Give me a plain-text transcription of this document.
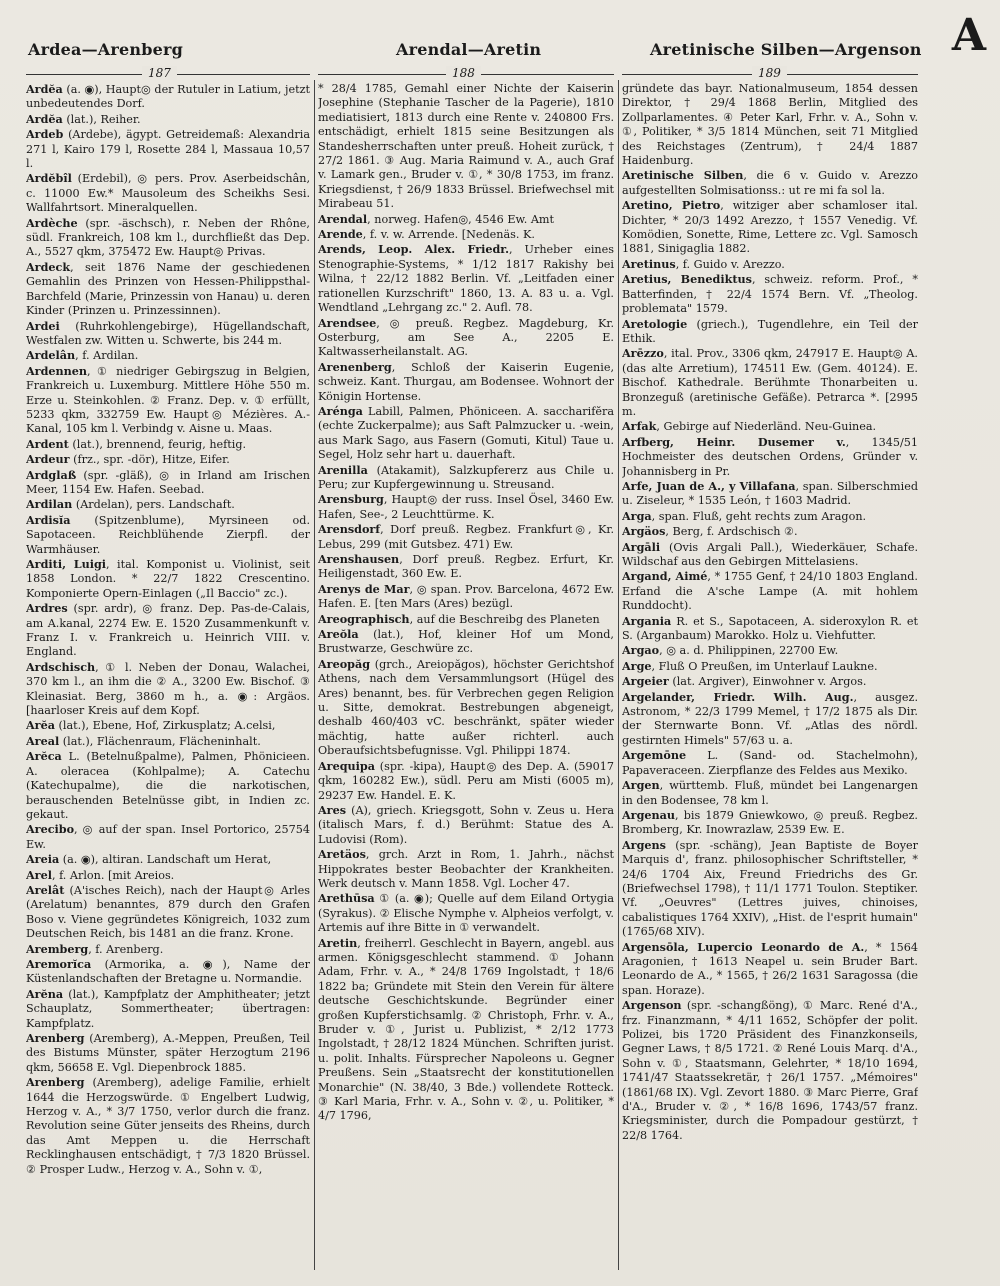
Ardea—Arenberg	Arendal—Aretin	Aretinische Silben—Argenson A
187	188	189
Ardĕa (a. ◉), Haupt◎ der Rutuler in Latium, jetzt unbedeutendes Dorf.
Ardĕa (lat.), Reiher.
Ardeb (Ardebe), ägypt. Getreidemaß: Alexandria 271 l, Kairo 179 l, Rosette 284 l, Massaua 10,57 l.
Ardĕbîl (Erdebil), ◎ pers. Prov. Aserbeidschân, c. 11000 Ew.* Mausoleum des Scheikhs Sesi. Wallfahrtsort. Mineralquellen.
Ardèche (spr. -äschsch), r. Neben der Rhône, südl. Frankreich, 108 km l., durchfließt das Dep. A., 5527 qkm, 375472 Ew. Haupt◎ Privas.
Ardeck, seit 1876 Name der geschiedenen Gemahlin des Prinzen von Hessen-Philippsthal-Barchfeld (Marie, Prinzessin von Hanau) u. deren Kinder (Prinzen u. Prinzessinnen).
Ardei (Ruhrkohlengebirge), Hügellandschaft, Westfalen zw. Witten u. Schwerte, bis 244 m.
Ardelân, f. Ardilan.
Ardennen, ① niedriger Gebirgszug in Belgien, Frankreich u. Luxemburg. Mittlere Höhe 550 m. Erze u. Steinkohlen. ② Franz. Dep. v. ① erfüllt, 5233 qkm, 332759 Ew. Haupt◎ Mézières. A.-Kanal, 105 km l. Verbindg v. Aisne u. Maas.
Ardent (lat.), brennend, feurig, heftig.
Ardeur (frz., spr. -dör), Hitze, Eifer.
Ardglaß (spr. -gläß), ◎ in Irland am Irischen Meer, 1154 Ew. Hafen. Seebad.
Ardilan (Ardelan), pers. Landschaft.
Ardisĭa (Spitzenblume), Myrsineen od. Sapotaceen. Reichblühende Zierpfl. der Warmhäuser.
Arditi, Luigi, ital. Komponist u. Violinist, seit 1858 London. * 22/7 1822 Crescentino. Komponierte Opern-Einlagen („Il Baccio" zc.).
Ardres (spr. ardr), ◎ franz. Dep. Pas-de-Calais, am A.kanal, 2274 Ew. E. 1520 Zusammenkunft v. Franz I. v. Frankreich u. Heinrich VIII. v. England.
Ardschisch, ① l. Neben der Donau, Walachei, 370 km l., an ihm die ② A., 3200 Ew. Bischof. ③ Kleinasiat. Berg, 3860 m h., a. ◉: Argäos. [haarloser Kreis auf dem Kopf.
Arĕa (lat.), Ebene, Hof, Zirkusplatz; A.celsi,
Areal (lat.), Flächenraum, Flächeninhalt.
Arĕca L. (Betelnußpalme), Palmen, Phönicieen. A. oleracea (Kohlpalme); A. Catechu (Katechupalme), die die narkotischen, berauschenden Betelnüsse gibt, in Indien zc. gekaut.
Arecibo, ◎ auf der span. Insel Portorico, 25754 Ew.
Areia (a. ◉), altiran. Landschaft um Herat,
Arel, f. Arlon. [mit Areios.
Arelât (A'isches Reich), nach der Haupt◎ Arles (Arelatum) benanntes, 879 durch den Grafen Boso v. Viene gegründetes Königreich, 1032 zum Deutschen Reich, bis 1481 an die franz. Krone.
Aremberg, f. Arenberg.
Aremorĭca (Armorika, a. ◉), Name der Küstenlandschaften der Bretagne u. Normandie.
Arĕna (lat.), Kampfplatz der Amphitheater; jetzt Schauplatz, Sommertheater; übertragen: Kampfplatz.
Arenberg (Aremberg), A.-Meppen, Preußen, Teil des Bistums Münster, später Herzogtum 2196 qkm, 56658 E. Vgl. Diepenbrock 1885.
Arenberg (Aremberg), adelige Familie, erhielt 1644 die Herzogswürde. ① Engelbert Ludwig, Herzog v. A., * 3/7 1750, verlor durch die franz. Revolution seine Güter jenseits des Rheins, durch das Amt Meppen u. die Herrschaft Recklinghausen entschädigt, † 7/3 1820 Brüssel. ② Prosper Ludw., Herzog v. A., Sohn v. ①,
* 28/4 1785, Gemahl einer Nichte der Kaiserin Josephine (Stephanie Tascher de la Pagerie), 1810 mediatisiert, 1813 durch eine Rente v. 240800 Frs. entschädigt, erhielt 1815 seine Besitzungen als Standesherrschaften unter preuß. Hoheit zurück, † 27/2 1861. ③ Aug. Maria Raimund v. A., auch Graf v. Lamark gen., Bruder v. ①, * 30/8 1753, im franz. Kriegsdienst, † 26/9 1833 Brüssel. Briefwechsel mit Mirabeau 51.
Arendal, norweg. Hafen◎, 4546 Ew. Amt
Arende, f. v. w. Arrende. [Nedenäs. K.
Arends, Leop. Alex. Friedr., Urheber eines Stenographie-Systems, * 1/12 1817 Rakishy bei Wilna, † 22/12 1882 Berlin. Vf. „Leitfaden einer rationellen Kurzschrift" 1860, 13. A. 83 u. a. Vgl. Wendtland „Lehrgang zc." 2. Aufl. 78.
Arendsee, ◎ preuß. Regbez. Magdeburg, Kr. Osterburg, am See A., 2205 E. Kaltwasserheilanstalt. AG.
Arenenberg, Schloß der Kaiserin Eugenie, schweiz. Kant. Thurgau, am Bodensee. Wohnort der Königin Hortense.
Arénga Labill, Palmen, Phöniceen. A. saccharifĕra (echte Zuckerpalme); aus Saft Palmzucker u. -wein, aus Mark Sago, aus Fasern (Gomuti, Kitul) Taue u. Segel, Holz sehr hart u. dauerhaft.
Arenilla (Atakamit), Salzkupfererz aus Chile u. Peru; zur Kupfergewinnung u. Streusand.
Arensburg, Haupt◎ der russ. Insel Ösel, 3460 Ew. Hafen, See-, 2 Leuchttürme. K.
Arensdorf, Dorf preuß. Regbez. Frankfurt◎, Kr. Lebus, 299 (mit Gutsbez. 471) Ew.
Arenshausen, Dorf preuß. Regbez. Erfurt, Kr. Heiligenstadt, 360 Ew. E.
Arenys de Mar, ◎ span. Prov. Barcelona, 4672 Ew. Hafen. E. [ten Mars (Ares) bezügl.
Areographisch, auf die Beschreibg des Planeten
Areŏla (lat.), Hof, kleiner Hof um Mond, Brustwarze, Geschwüre zc.
Areopăg (grch., Areiopăgos), höchster Gerichtshof Athens, nach dem Versammlungsort (Hügel des Ares) benannt, bes. für Verbrechen gegen Religion u. Sitte, demokrat. Bestrebungen abgeneigt, deshalb 460/403 vC. beschränkt, später wieder mächtig, hatte außer richterl. auch Oberaufsichtsbefugnisse. Vgl. Philippi 1874.
Arequipa (spr. -kipa), Haupt◎ des Dep. A. (59017 qkm, 160282 Ew.), südl. Peru am Misti (6005 m), 29237 Ew. Handel. E. K.
Ares (A), griech. Kriegsgott, Sohn v. Zeus u. Hera (italisch Mars, f. d.) Berühmt: Statue des A. Ludovisi (Rom).
Aretäos, grch. Arzt in Rom, 1. Jahrh., nächst Hippokrates bester Beobachter der Krankheiten. Werk deutsch v. Mann 1858. Vgl. Locher 47.
Arethūsa ① (a. ◉); Quelle auf dem Eiland Ortygia (Syrakus). ② Elische Nymphe v. Alpheios verfolgt, v. Artemis auf ihre Bitte in ① verwandelt.
Aretin, freiherrl. Geschlecht in Bayern, angebl. aus armen. Königsgeschlecht stammend. ① Johann Adam, Frhr. v. A., * 24/8 1769 Ingolstadt, † 18/6 1822 ba; Gründete mit Stein den Verein für ältere deutsche Geschichtskunde. Begründer einer großen Kupferstichsamlg. ② Christoph, Frhr. v. A., Bruder v. ①, Jurist u. Publizist, * 2/12 1773 Ingolstadt, † 28/12 1824 München. Schriften jurist. u. polit. Inhalts. Fürsprecher Napoleons u. Gegner Preußens. Sein „Staatsrecht der konstitutionellen Monarchie" (N. 38/40, 3 Bde.) vollendete Rotteck. ③ Karl Maria, Frhr. v. A., Sohn v. ②, u. Politiker, * 4/7 1796,
gründete das bayr. Nationalmuseum, 1854 dessen Direktor, † 29/4 1868 Berlin, Mitglied des Zollparlamentes. ④ Peter Karl, Frhr. v. A., Sohn v. ①, Politiker, * 3/5 1814 München, seit 71 Mitglied des Reichstages (Zentrum), † 24/4 1887 Haidenburg.
Aretinische Silben, die 6 v. Guido v. Arezzo aufgestellten Solmisationss.: ut re mi fa sol la.
Aretino, Pietro, witziger aber schamloser ital. Dichter, * 20/3 1492 Arezzo, † 1557 Venedig. Vf. Komödien, Sonette, Rime, Lettere zc. Vgl. Samosch 1881, Sinigaglia 1882.
Aretinus, f. Guido v. Arezzo.
Aretius, Benediktus, schweiz. reform. Prof., * Batterfinden, † 22/4 1574 Bern. Vf. „Theolog. problemata" 1579.
Aretologie (griech.), Tugendlehre, ein Teil der Ethik.
Arēzzo, ital. Prov., 3306 qkm, 247917 E. Haupt◎ A. (das alte Arretium), 174511 Ew. (Gem. 40124). E. Bischof. Kathedrale. Berühmte Thonarbeiten u. Bronzeguß (aretinische Gefäße). Petrarca *. [2995 m.
Arfak, Gebirge auf Niederländ. Neu-Guinea.
Arfberg, Heinr. Dusemer v., 1345/51 Hochmeister des deutschen Ordens, Gründer v. Johannisberg in Pr.
Arfe, Juan de A., y Villafana, span. Silberschmied u. Ziseleur, * 1535 León, † 1603 Madrid.
Arga, span. Fluß, geht rechts zum Aragon.
Argäos, Berg, f. Ardschisch ②.
Argāli (Ovis Argali Pall.), Wiederkäuer, Schafe. Wildschaf aus den Gebirgen Mittelasiens.
Argand, Aimé, * 1755 Genf, † 24/10 1803 England. Erfand die A'sche Lampe (A. mit hohlem Runddocht).
Argania R. et S., Sapotaceen, A. sideroxylon R. et S. (Arganbaum) Marokko. Holz u. Viehfutter.
Argao, ◎ a. d. Philippinen, 22700 Ew.
Arge, Fluß O Preußen, im Unterlauf Laukne.
Argeier (lat. Argiver), Einwohner v. Argos.
Argelander, Friedr. Wilh. Aug., ausgez. Astronom, * 22/3 1799 Memel, † 17/2 1875 als Dir. der Sternwarte Bonn. Vf. „Atlas des nördl. gestirnten Himels" 57/63 u. a.
Argemōne L. (Sand- od. Stachelmohn), Papaveraceen. Zierpflanze des Feldes aus Mexiko.
Argen, württemb. Fluß, mündet bei Langenargen in den Bodensee, 78 km l.
Argenau, bis 1879 Gniewkowo, ◎ preuß. Regbez. Bromberg, Kr. Inowrazlaw, 2539 Ew. E.
Argens (spr. -schäng), Jean Baptiste de Boyer Marquis d', franz. philosophischer Schriftsteller, * 24/6 1704 Aix, Freund Friedrichs des Gr. (Briefwechsel 1798), † 11/1 1771 Toulon. Steptiker. Vf. „Oeuvres" (Lettres juives, chinoises, cabalistiques 1764 XXIV), „Hist. de l'esprit humain" (1765/68 XIV).
Argensōla, Lupercio Leonardo de A., * 1564 Aragonien, † 1613 Neapel u. sein Bruder Bart. Leonardo de A., * 1565, † 26/2 1631 Saragossa (die span. Horaze).
Argenson (spr. -schangßöng), ① Marc. René d'A., frz. Finanzmann, * 4/11 1652, Schöpfer der polit. Polizei, bis 1720 Präsident des Finanzkonseils, Gegner Laws, † 8/5 1721. ② René Louis Marq. d'A., Sohn v. ①, Staatsmann, Gelehrter, * 18/10 1694, 1741/47 Staatssekretär, † 26/1 1757. „Mémoires" (1861/68 IX). Vgl. Zevort 1880. ③ Marc Pierre, Graf d'A., Bruder v. ②, * 16/8 1696, 1743/57 franz. Kriegsminister, durch die Pompadour gestürzt, † 22/8 1764.
